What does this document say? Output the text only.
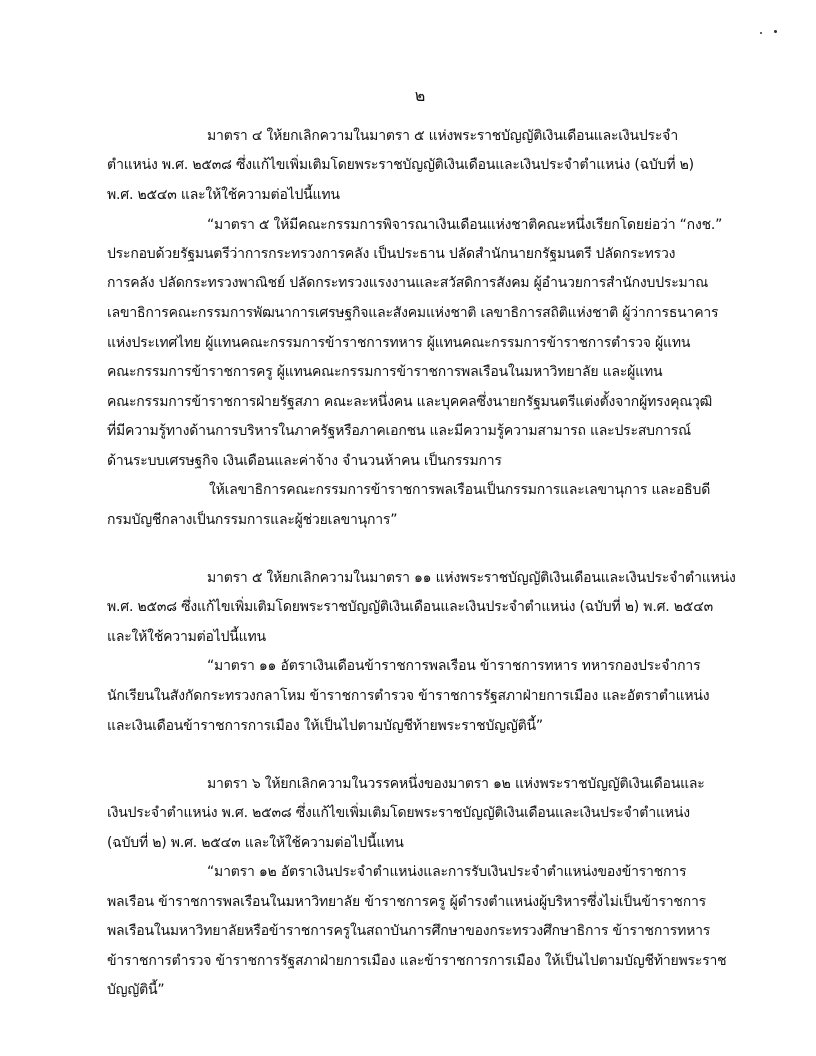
๒
มาตรา ๔ ให้ยกเลิกความในมาตรา ๕ แห่งพระราชบัญญัติเงินเดือนและเงินประจำ
ตำแหน่ง พ.ศ. ๒๕๓๘ ซึ่งแก้ไขเพิ่มเติมโดยพระราชบัญญัติเงินเดือนและเงินประจำตำแหน่ง (ฉบับที่ ๒)
พ.ศ. ๒๕๔๓ และให้ใช้ความต่อไปนี้แทน
“มาตรา ๕ ให้มีคณะกรรมการพิจารณาเงินเดือนแห่งชาติคณะหนึ่งเรียกโดยย่อว่า “กงช.”
ประกอบด้วยรัฐมนตรีว่าการกระทรวงการคลัง เป็นประธาน ปลัดสำนักนายกรัฐมนตรี ปลัดกระทรวง
การคลัง ปลัดกระทรวงพาณิชย์ ปลัดกระทรวงแรงงานและสวัสดิการสังคม ผู้อำนวยการสำนักงบประมาณ
เลขาธิการคณะกรรมการพัฒนาการเศรษฐกิจและสังคมแห่งชาติ เลขาธิการสถิติแห่งชาติ ผู้ว่าการธนาคาร
แห่งประเทศไทย ผู้แทนคณะกรรมการข้าราชการทหาร ผู้แทนคณะกรรมการข้าราชการตำรวจ ผู้แทน
คณะกรรมการข้าราชการครู ผู้แทนคณะกรรมการข้าราชการพลเรือนในมหาวิทยาลัย และผู้แทน
คณะกรรมการข้าราชการฝ่ายรัฐสภา คณะละหนึ่งคน และบุคคลซึ่งนายกรัฐมนตรีแต่งตั้งจากผู้ทรงคุณวุฒิ
ที่มีความรู้ทางด้านการบริหารในภาครัฐหรือภาคเอกชน และมีความรู้ความสามารถ และประสบการณ์
ด้านระบบเศรษฐกิจ เงินเดือนและค่าจ้าง จำนวนห้าคน เป็นกรรมการ
ให้เลขาธิการคณะกรรมการข้าราชการพลเรือนเป็นกรรมการและเลขานุการ และอธิบดี
กรมบัญชีกลางเป็นกรรมการและผู้ช่วยเลขานุการ”
มาตรา ๕ ให้ยกเลิกความในมาตรา ๑๑ แห่งพระราชบัญญัติเงินเดือนและเงินประจำตำแหน่ง
พ.ศ. ๒๕๓๘ ซึ่งแก้ไขเพิ่มเติมโดยพระราชบัญญัติเงินเดือนและเงินประจำตำแหน่ง (ฉบับที่ ๒) พ.ศ. ๒๕๔๓
และให้ใช้ความต่อไปนี้แทน
“มาตรา ๑๑ อัตราเงินเดือนข้าราชการพลเรือน ข้าราชการทหาร ทหารกองประจำการ
นักเรียนในสังกัดกระทรวงกลาโหม ข้าราชการตำรวจ ข้าราชการรัฐสภาฝ่ายการเมือง และอัตราตำแหน่ง
และเงินเดือนข้าราชการการเมือง ให้เป็นไปตามบัญชีท้ายพระราชบัญญัตินี้”
มาตรา ๖ ให้ยกเลิกความในวรรคหนึ่งของมาตรา ๑๒ แห่งพระราชบัญญัติเงินเดือนและ
เงินประจำตำแหน่ง พ.ศ. ๒๕๓๘ ซึ่งแก้ไขเพิ่มเติมโดยพระราชบัญญัติเงินเดือนและเงินประจำตำแหน่ง
(ฉบับที่ ๒) พ.ศ. ๒๕๔๓ และให้ใช้ความต่อไปนี้แทน
“มาตรา ๑๒ อัตราเงินประจำตำแหน่งและการรับเงินประจำตำแหน่งของข้าราชการ
พลเรือน ข้าราชการพลเรือนในมหาวิทยาลัย ข้าราชการครู ผู้ดำรงตำแหน่งผู้บริหารซึ่งไม่เป็นข้าราชการ
พลเรือนในมหาวิทยาลัยหรือข้าราชการครูในสถาบันการศึกษาของกระทรวงศึกษาธิการ ข้าราชการทหาร
ข้าราชการตำรวจ ข้าราชการรัฐสภาฝ่ายการเมือง และข้าราชการการเมือง ให้เป็นไปตามบัญชีท้ายพระราช
บัญญัตินี้”
